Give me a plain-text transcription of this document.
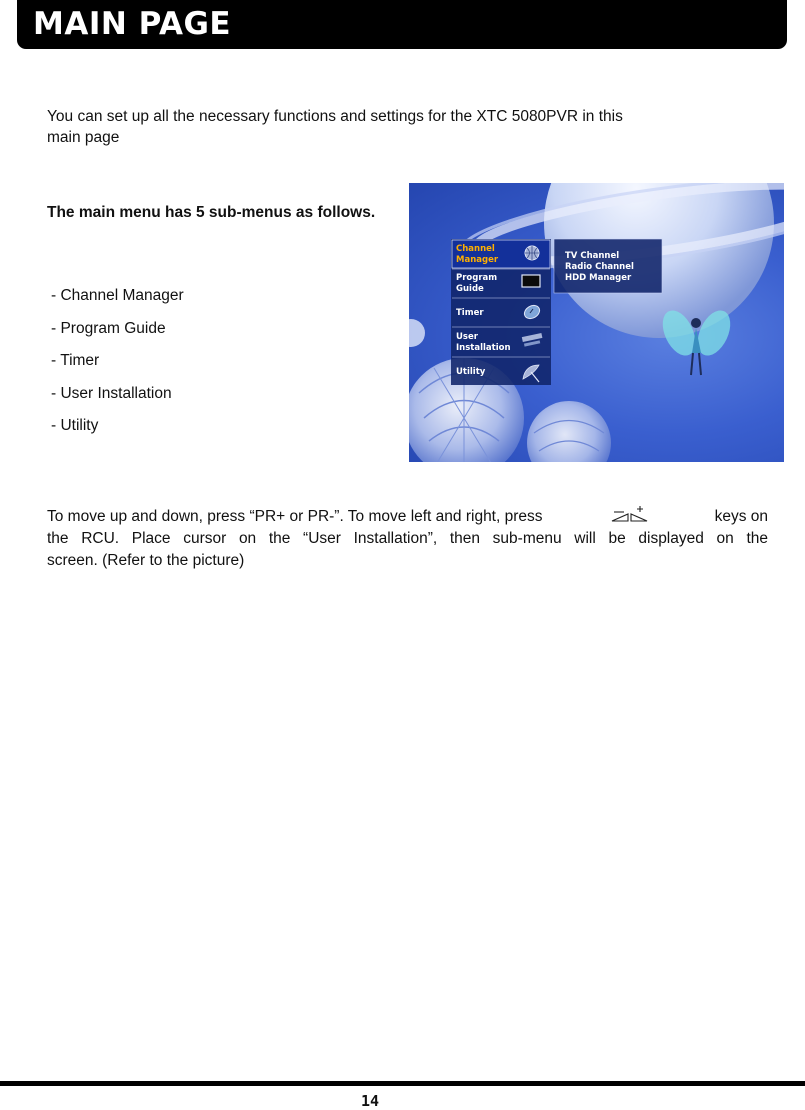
MAIN PAGE
You can set up all the necessary functions and settings for the XTC 5080PVR in this
main page
The main menu has 5 sub-menus as follows.
- Channel Manager
- Program Guide
- Timer
- User Installation
- Utility
Channel
Manager
Program
Guide
Timer
User
Installation
Utility
TV Channel
Radio Channel
HDD Manager
To move up and down, press “PR+ or PR-”. To move left and right, press	keys on
the RCU. Place cursor on the “User Installation”, then sub-menu will be displayed on the
screen. (Refer to the picture)
14
